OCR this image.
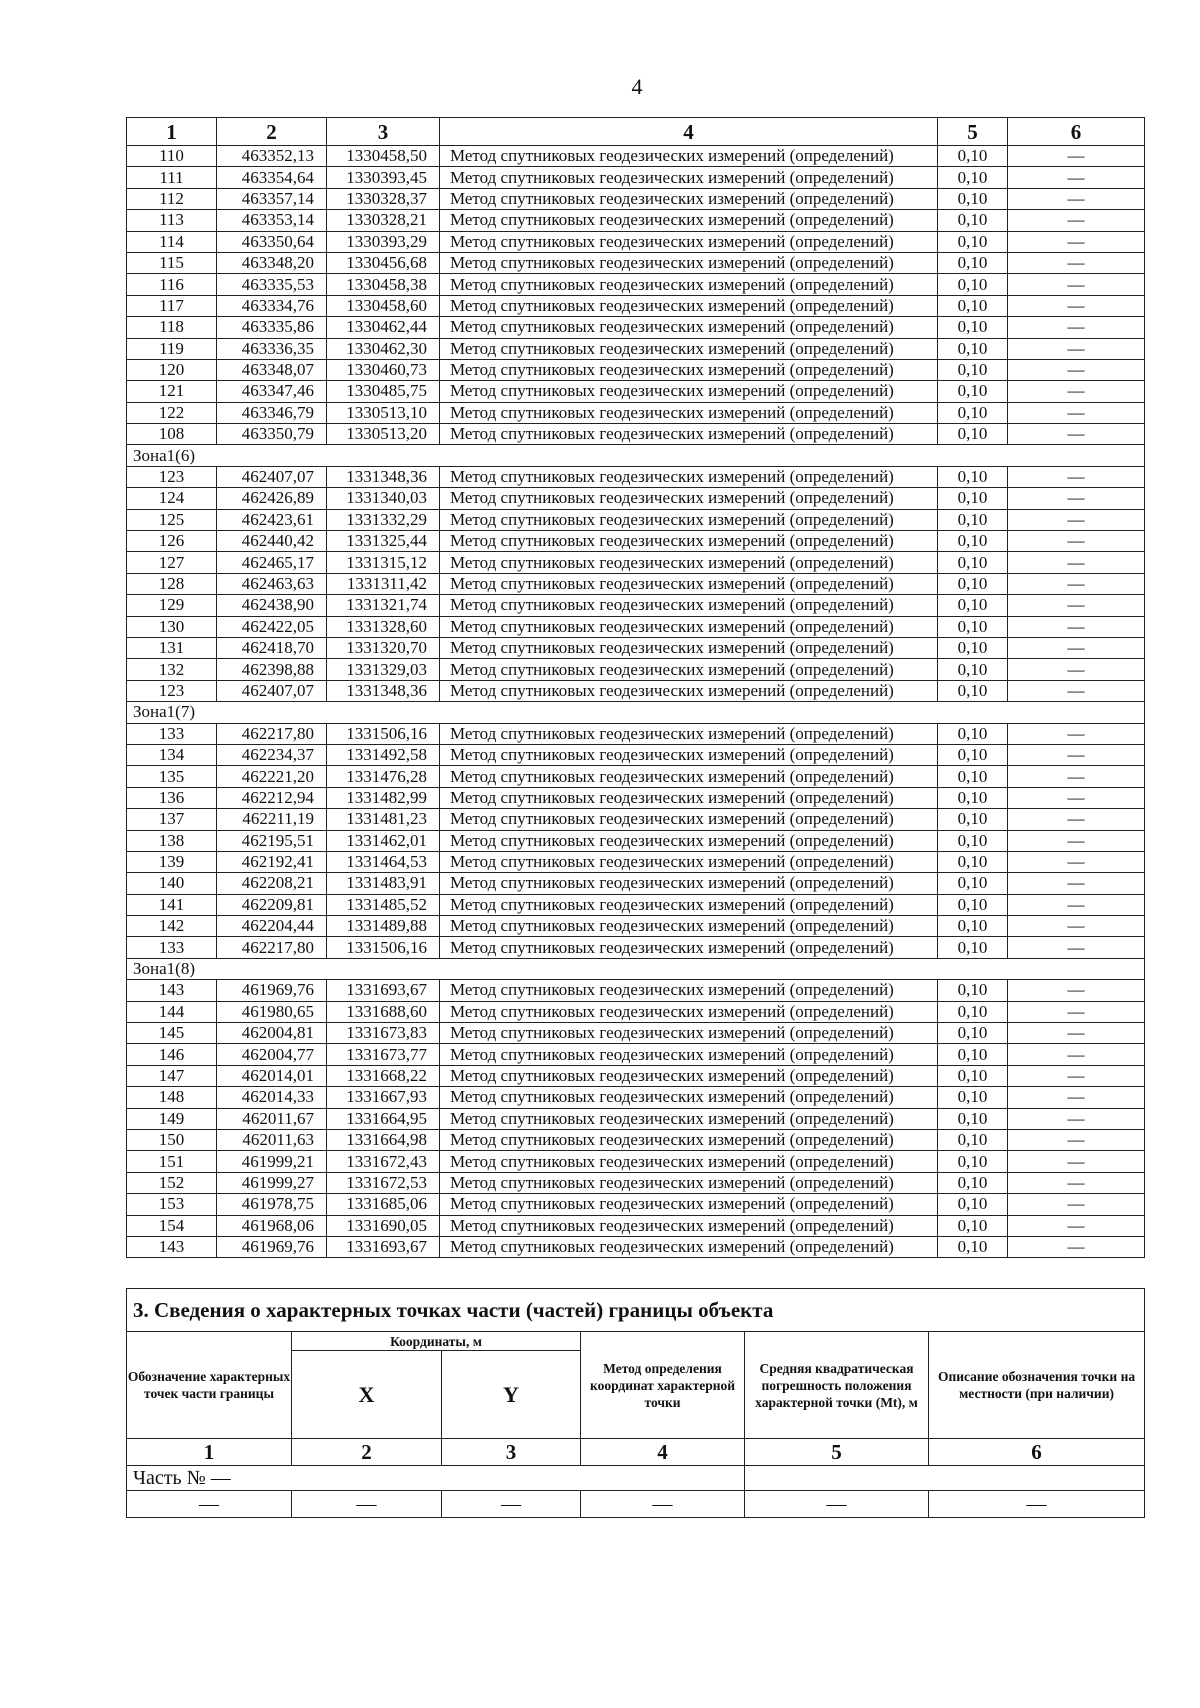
4
1	2	3	4	5	6
110	463352,13	1330458,50	Метод спутниковых геодезических измерений (определений)	0,10	—
111	463354,64	1330393,45	Метод спутниковых геодезических измерений (определений)	0,10	—
112	463357,14	1330328,37	Метод спутниковых геодезических измерений (определений)	0,10	—
113	463353,14	1330328,21	Метод спутниковых геодезических измерений (определений)	0,10	—
114	463350,64	1330393,29	Метод спутниковых геодезических измерений (определений)	0,10	—
115	463348,20	1330456,68	Метод спутниковых геодезических измерений (определений)	0,10	—
116	463335,53	1330458,38	Метод спутниковых геодезических измерений (определений)	0,10	—
117	463334,76	1330458,60	Метод спутниковых геодезических измерений (определений)	0,10	—
118	463335,86	1330462,44	Метод спутниковых геодезических измерений (определений)	0,10	—
119	463336,35	1330462,30	Метод спутниковых геодезических измерений (определений)	0,10	—
120	463348,07	1330460,73	Метод спутниковых геодезических измерений (определений)	0,10	—
121	463347,46	1330485,75	Метод спутниковых геодезических измерений (определений)	0,10	—
122	463346,79	1330513,10	Метод спутниковых геодезических измерений (определений)	0,10	—
108	463350,79	1330513,20	Метод спутниковых геодезических измерений (определений)	0,10	—
Зона1(6)					
123	462407,07	1331348,36	Метод спутниковых геодезических измерений (определений)	0,10	—
124	462426,89	1331340,03	Метод спутниковых геодезических измерений (определений)	0,10	—
125	462423,61	1331332,29	Метод спутниковых геодезических измерений (определений)	0,10	—
126	462440,42	1331325,44	Метод спутниковых геодезических измерений (определений)	0,10	—
127	462465,17	1331315,12	Метод спутниковых геодезических измерений (определений)	0,10	—
128	462463,63	1331311,42	Метод спутниковых геодезических измерений (определений)	0,10	—
129	462438,90	1331321,74	Метод спутниковых геодезических измерений (определений)	0,10	—
130	462422,05	1331328,60	Метод спутниковых геодезических измерений (определений)	0,10	—
131	462418,70	1331320,70	Метод спутниковых геодезических измерений (определений)	0,10	—
132	462398,88	1331329,03	Метод спутниковых геодезических измерений (определений)	0,10	—
123	462407,07	1331348,36	Метод спутниковых геодезических измерений (определений)	0,10	—
Зона1(7)					
133	462217,80	1331506,16	Метод спутниковых геодезических измерений (определений)	0,10	—
134	462234,37	1331492,58	Метод спутниковых геодезических измерений (определений)	0,10	—
135	462221,20	1331476,28	Метод спутниковых геодезических измерений (определений)	0,10	—
136	462212,94	1331482,99	Метод спутниковых геодезических измерений (определений)	0,10	—
137	462211,19	1331481,23	Метод спутниковых геодезических измерений (определений)	0,10	—
138	462195,51	1331462,01	Метод спутниковых геодезических измерений (определений)	0,10	—
139	462192,41	1331464,53	Метод спутниковых геодезических измерений (определений)	0,10	—
140	462208,21	1331483,91	Метод спутниковых геодезических измерений (определений)	0,10	—
141	462209,81	1331485,52	Метод спутниковых геодезических измерений (определений)	0,10	—
142	462204,44	1331489,88	Метод спутниковых геодезических измерений (определений)	0,10	—
133	462217,80	1331506,16	Метод спутниковых геодезических измерений (определений)	0,10	—
Зона1(8)					
143	461969,76	1331693,67	Метод спутниковых геодезических измерений (определений)	0,10	—
144	461980,65	1331688,60	Метод спутниковых геодезических измерений (определений)	0,10	—
145	462004,81	1331673,83	Метод спутниковых геодезических измерений (определений)	0,10	—
146	462004,77	1331673,77	Метод спутниковых геодезических измерений (определений)	0,10	—
147	462014,01	1331668,22	Метод спутниковых геодезических измерений (определений)	0,10	—
148	462014,33	1331667,93	Метод спутниковых геодезических измерений (определений)	0,10	—
149	462011,67	1331664,95	Метод спутниковых геодезических измерений (определений)	0,10	—
150	462011,63	1331664,98	Метод спутниковых геодезических измерений (определений)	0,10	—
151	461999,21	1331672,43	Метод спутниковых геодезических измерений (определений)	0,10	—
152	461999,27	1331672,53	Метод спутниковых геодезических измерений (определений)	0,10	—
153	461978,75	1331685,06	Метод спутниковых геодезических измерений (определений)	0,10	—
154	461968,06	1331690,05	Метод спутниковых геодезических измерений (определений)	0,10	—
143	461969,76	1331693,67	Метод спутниковых геодезических измерений (определений)	0,10	—
3. Сведения о характерных точках части (частей) границы объекта					
Обозначение характерных точек части границы	Координаты, м		Метод определения координат характерной точки	Средняя квадратическая погрешность положения характерной точки (Mt), м	Описание обозначения точки на местности (при наличии)
	X	Y			
1	2	3	4	5	6
Часть № —					
—	—	—	—	—	—
